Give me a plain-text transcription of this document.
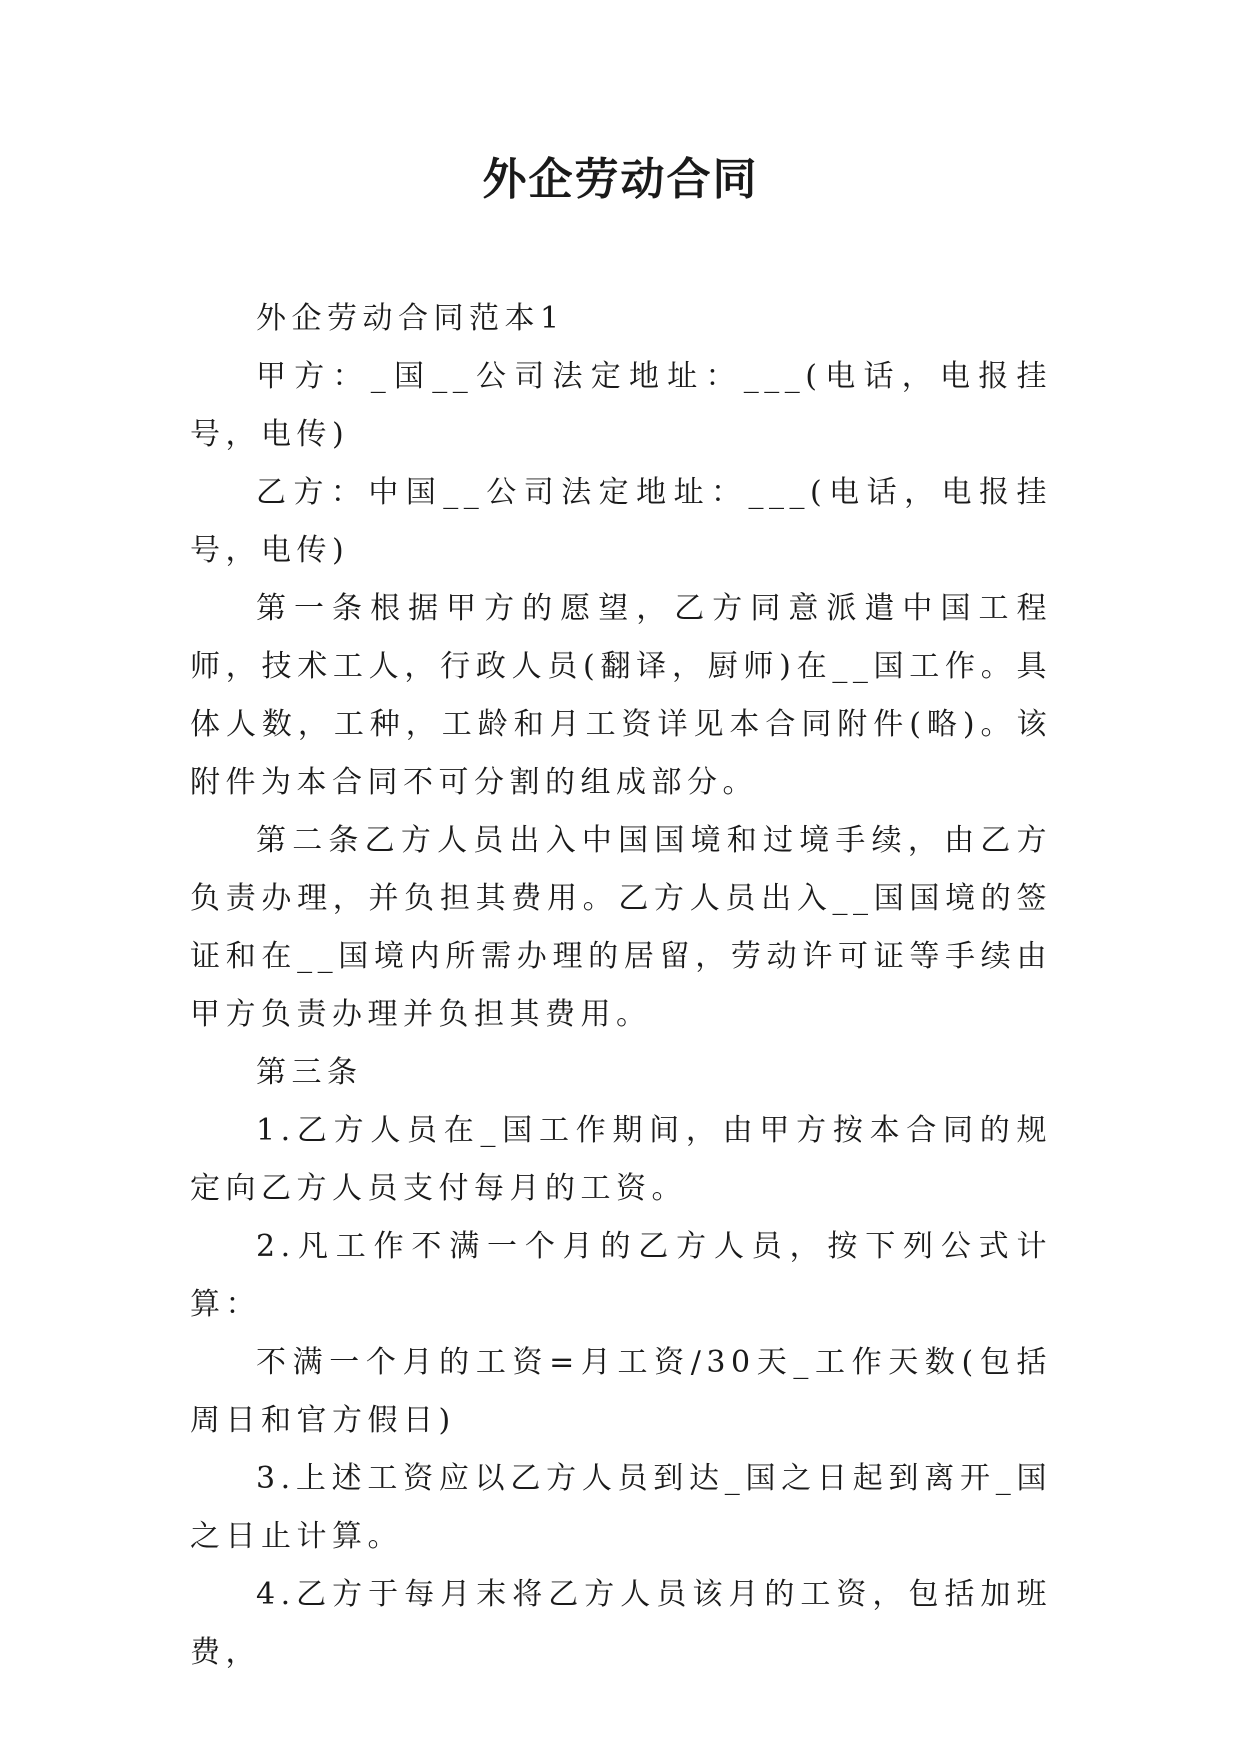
外企劳动合同

外企劳动合同范本1

甲方：_国__公司法定地址：___(电话，电报挂号，电传)

乙方：中国__公司法定地址：___(电话，电报挂号，电传)

第一条根据甲方的愿望，乙方同意派遣中国工程师，技术工人，行政人员(翻译，厨师)在__国工作。具体人数，工种，工龄和月工资详见本合同附件(略)。该附件为本合同不可分割的组成部分。

第二条乙方人员出入中国国境和过境手续，由乙方负责办理，并负担其费用。乙方人员出入__国国境的签证和在__国境内所需办理的居留，劳动许可证等手续由甲方负责办理并负担其费用。

第三条

1.乙方人员在_国工作期间，由甲方按本合同的规定向乙方人员支付每月的工资。

2.凡工作不满一个月的乙方人员，按下列公式计算：

不满一个月的工资=月工资/30天_工作天数(包括周日和官方假日)

3.上述工资应以乙方人员到达_国之日起到离开_国之日止计算。

4.乙方于每月末将乙方人员该月的工资，包括加班费，
